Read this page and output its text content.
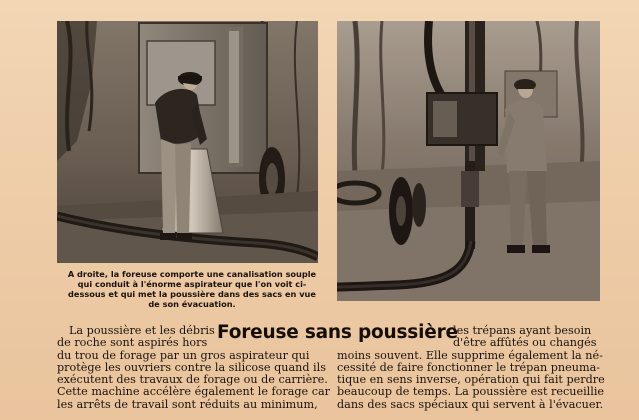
A droite, la foreuse comporte une canalisation souple
qui conduit à l'énorme aspirateur que l'on voit ci-
dessous et qui met la poussière dans des sacs en vue
de son évacuation.
Foreuse sans poussière
La poussière et les débris
de roche sont aspirés hors
du trou de forage par un gros aspirateur qui
protège les ouvriers contre la silicose quand ils
exécutent des travaux de forage ou de carrière.
Cette machine accélère également le forage car
les arrêts de travail sont réduits au minimum,
les trépans ayant besoin
d'être affûtés ou changés
moins souvent. Elle supprime également la né-
cessité de faire fonctionner le trépan pneuma-
tique en sens inverse, opération qui fait perdre
beaucoup de temps. La poussière est recueillie
dans des sacs spéciaux qui servent à l'évacuer.
